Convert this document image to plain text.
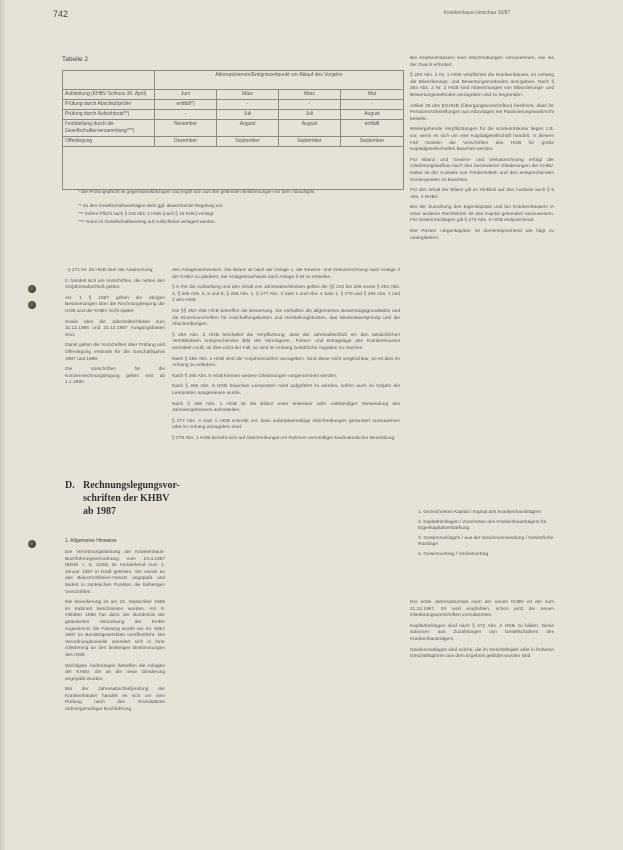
742	Krankenhaus-Umschau 10/87
Tabelle 2
	Alternativtermin/Ereigniszeitpunkt vor Ablauf des Vorjahrs			
Aufstellung (KHBV Schluss 30. April)	Juni	März	März	Mai
Prüfung durch Abschlußprüfer	entfällt*)	-	-	-
Prüfung durch Aufsichtsrat**)	-	Juli	Juli	August
Feststellung durch die Gesellschafterversammlung***)	November	August	August	entfällt
Offenlegung	Dezember	September	September	September

* Die Prüfungspflicht ist gegenstandsbezogen und ergibt sich aus den geltenden Bestimmungen vor dem Ablaufsjahr.
** Zu den Gesellschaftsverträgen sieht ggf. abweichende Regelung vor.
*** Sofern Pflicht nach § 316 Abs. 1 HGB (nach § 15 KHG) vorliegt.
**** Kann im Gesellschaftsvertrag auf Aufsichtsrat verlagert werden.

- § 271 Nr. 26 HGB über die Ausbuchung;

II. handelt sich um Vorschriften, die neben den Vorjahresabschluß gelten.

Art. 1 § 1987 gelten die übrigen Bestimmungen über die Rechnungslegung der HGB und der KHBV nicht später.

Sowie über die Jahresabschlüsse zum 31.12.1986 und 31.12.1987 Ausgangsbasen sind.

Damit gelten die Vorschriften über Prüfung und Offenlegung erstmals für die Geschäftsjahre 1987 und 1988.

Die Vorschriften für die Konzernrechnungslegung gelten erst ab 1.1.1990.

D. Rechnungslegungsvor-
schriften der KHBV
ab 1987
1. Allgemeine Hinweise

Die Verordnungsfassung der Krankenhaus-Buchführungsverordnung vom 24.3.1987 (BGBl. I, S. 1045) ist rückwirkend zum 1. Januar 1987 in Kraft getreten. Sie wurde an das Bilanzrichtlinien-Gesetz angepaßt und ändert in zahlreichen Punkten die bisherigen Vorschriften.

Die Novellierung ist am 22. September 1986 im Kabinett beschlossen worden. Am 8. Oktober 1986 hat dann der Bundesrat der geänderten Verordnung der KHBV zugestimmt; die Fassung wurde am 24. März 1987 im Bundesgesetzblatt veröffentlicht. Die Verordnungsnovelle orientiert sich in ihrer Gliederung an den bisherigen Bestimmungen des HGB.

Wichtigste Änderungen betreffen die Anlagen der KHBV, die an die neue Gliederung angepaßt wurden.

Bei der Jahresabschlußprüfung der Krankenhäuser handelt es sich um eine Prüfung nach den Grundsätzen ordnungsmäßiger Buchführung.

den Anlagenachweisen. Die Bilanz ist nach der Anlage 1, die Gewinn- und Verlustrechnung nach Anlage 2 der KHBV zu gliedern; der Anlagennachweis nach Anlage 3 ist zu erstellen.

§ 6 Für die Aufstellung und den Inhalt von Jahresabschlüssen gelten die §§ 242 bis 256 sowie § 264 Abs. 2, § 265 Abs. 2, 5 und 8, § 268 Abs. 1, § 277 Abs. 3 Satz 1 und Abs. 4 Satz 1, § 279 und § 284 Abs. 1 und 2 des HGB.

Die §§ 252–256 HGB betreffen die Bewertung. Sie enthalten die allgemeinen Bewertungsgrundsätze und die Einzelvorschriften für Anschaffungskosten und Herstellungskosten, das Niederstwertprinzip und die Abschreibungen.

§ 264 Abs. 2 HGB beinhaltet die Verpflichtung, dass der Jahresabschluß ein den tatsächlichen Verhältnissen entsprechendes Bild der Vermögens-, Finanz- und Ertragslage des Krankenhauses vermitteln muß. Ist dies nicht der Fall, so sind im Anhang zusätzliche Angaben zu machen.

Nach § 265 Abs. 2 HGB sind die Vorjahreszahlen anzugeben. Sind diese nicht vergleichbar, so ist dies im Anhang zu erläutern.

Nach § 265 Abs. 5 HGB können weitere Gliederungen vorgenommen werden.

Nach § 265 Abs. 8 HGB brauchen Leerposten nicht aufgeführt zu werden, sofern auch im Vorjahr ein Leerposten ausgewiesen wurde.

Nach § 268 Abs. 1 HGB ist die Bilanz unter teilweiser oder vollständiger Verwendung des Jahresergebnisses aufzustellen.

§ 277 Abs. 3 Satz 1 HGB schreibt vor, dass außerplanmäßige Abschreibungen gesondert auszuweisen oder im Anhang anzugeben sind.

§ 279 Abs. 1 HGB bezieht sich auf Abschreibungen im Rahmen vernünftiger kaufmännischer Beurteilung.

Bei Krankenhäusern sind Abschreibungen vorzunehmen, wie sie der Zweck erfordert.

§ 284 Abs. 2 Nr. 1 HGB verpflichtet die Krankenhäuser, im Anhang die Bilanzierungs- und Bewertungsmethoden anzugeben. Nach § 284 Abs. 2 Nr. 3 HGB sind Abweichungen von Bilanzierungs- und Bewertungsmethoden anzugeben und zu begründen.

Artikel 28 des EGHGB (Übergangsvorschriften) bestimmt, dass für Pensionsrückstellungen aus Altzusagen ein Passivierungswahlrecht besteht.

Weitergehende Verpflichtungen für die Krankenhäuser liegen z.B. vor, wenn es sich um eine Kapitalgesellschaft handelt. In diesem Fall müssen die Vorschriften des HGB für große Kapitalgesellschaften beachtet werden.

Für Bilanz und Gewinn- und Verlustrechnung erfolgt der Gliederungsaufbau nach den besonderen Gliederungen der KHBV. Dabei ist der Ausweis von Fördermitteln und den entsprechenden Sonderposten zu beachten.

Für den Inhalt der Bilanz gilt im Hinblick auf den Ausweis auch § 5 Abs. 4 KHBV.

Bei der Zuordnung des Eigenkapitals und bei Krankenhäusern in einer anderen Rechtsform ist das Kapital gesondert auszuweisen. Für Gewinnrücklagen gilt § 272 Abs. 3 HGB entsprechend.

Der Posten »Eigenkapital« ist dementsprechend wie folgt zu untergliedern:

1. Gezeichnetes Kapital / Kapital des Krankenhausträgers
2. Kapitalrücklagen / Zuschüsse des Krankenhausträgers für Eigenkapitalverstärkung
3. Gewinnrücklagen / aus der Gewinnverwendung / Gesetzliche Rücklage
4. Gewinnvortrag / Verlustvortrag

Der erste Jahresabschluß nach der neuen KHBV ist der zum 31.12.1987. Es wird empfohlen, schon jetzt die neuen Gliederungsvorschriften vorzubereiten.

Kapitalrücklagen sind nach § 272 Abs. 2 HGB zu bilden. Diese stammen aus Zuzahlungen von Gesellschaftern des Krankenhausträgers.

Gewinnrücklagen sind solche, die im Geschäftsjahr oder in früheren Geschäftsjahren aus dem Ergebnis gebildet worden sind.
